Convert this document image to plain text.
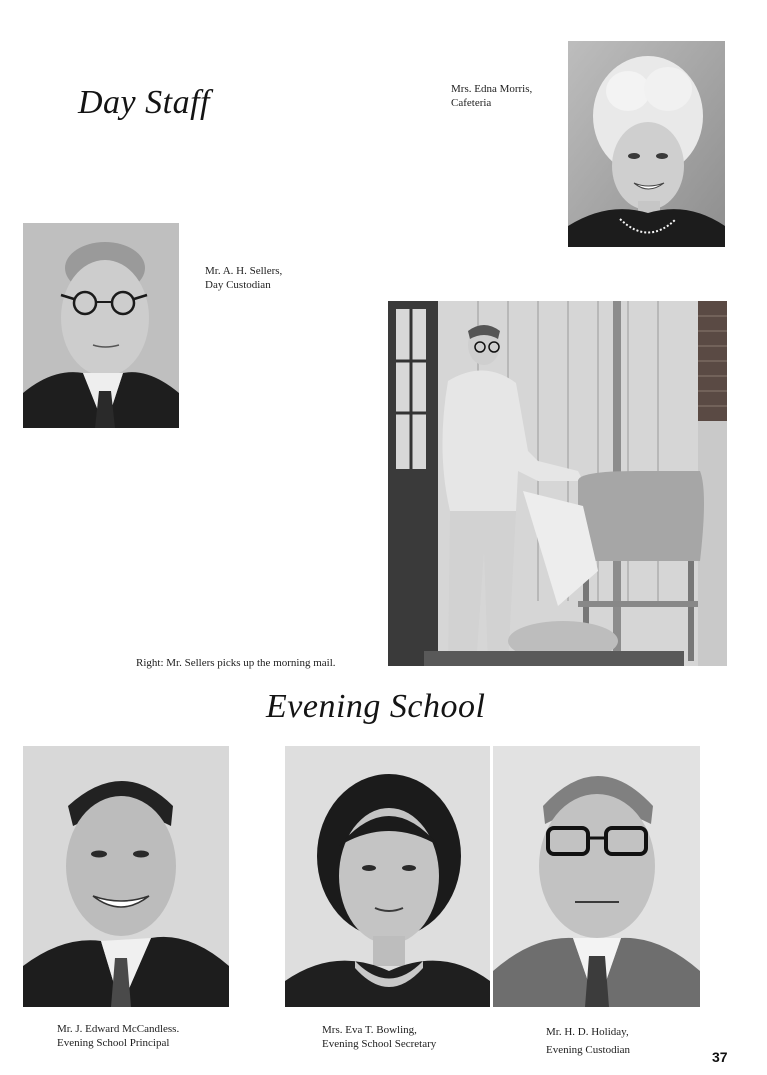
Day Staff
Evening School
Mrs. Edna Morris,
Cafeteria
Mr. A. H. Sellers,
Day Custodian
Right: Mr. Sellers picks up the morning mail.
Mr. J. Edward McCandless.
Evening School Principal
Mrs. Eva T. Bowling,
Evening School Secretary
Mr. H. D. Holiday,
Evening Custodian	37
